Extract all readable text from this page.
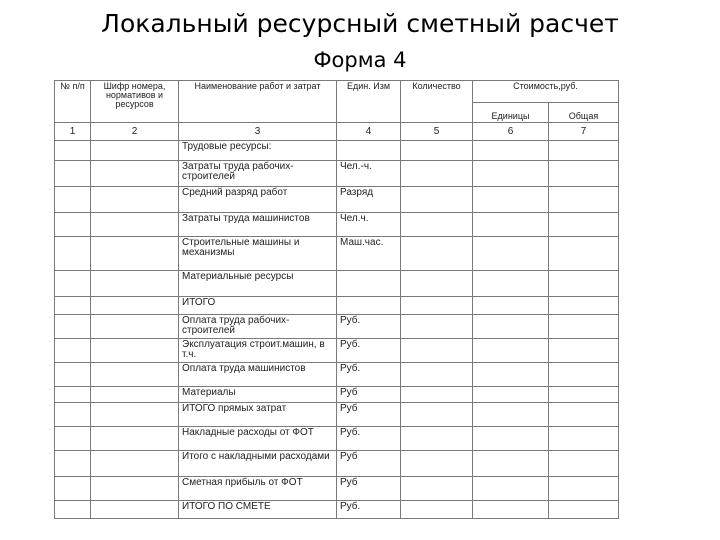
Локальный ресурсный сметный расчет
Форма 4
№ п/п	Шифр номера, нормативов и ресурсов	Наименование работ и затрат	Един. Изм	Количество	Стоимость,руб.	
					Единицы	Общая
1	2	3	4	5	6	7
		Трудовые ресурсы:				
		Затраты труда рабочих-строителей	Чел.-ч.			
		Средний разряд работ	Разряд			
		Затраты труда машинистов	Чел.ч.			
		Строительные машины и механизмы	Маш.час.			
		Материальные ресурсы				
		ИТОГО				
		Оплата труда рабочих-строителей	Руб.			
		Эксплуатация строит.машин, в т.ч.	Руб.			
		Оплата труда машинистов	Руб.			
		Материалы	Руб			
		ИТОГО прямых затрат	Руб			
		Накладные расходы от ФОТ	Руб.			
		Итого с накладными расходами	Руб			
		Сметная прибыль от ФОТ	Руб			
		ИТОГО ПО СМЕТЕ	Руб.			
